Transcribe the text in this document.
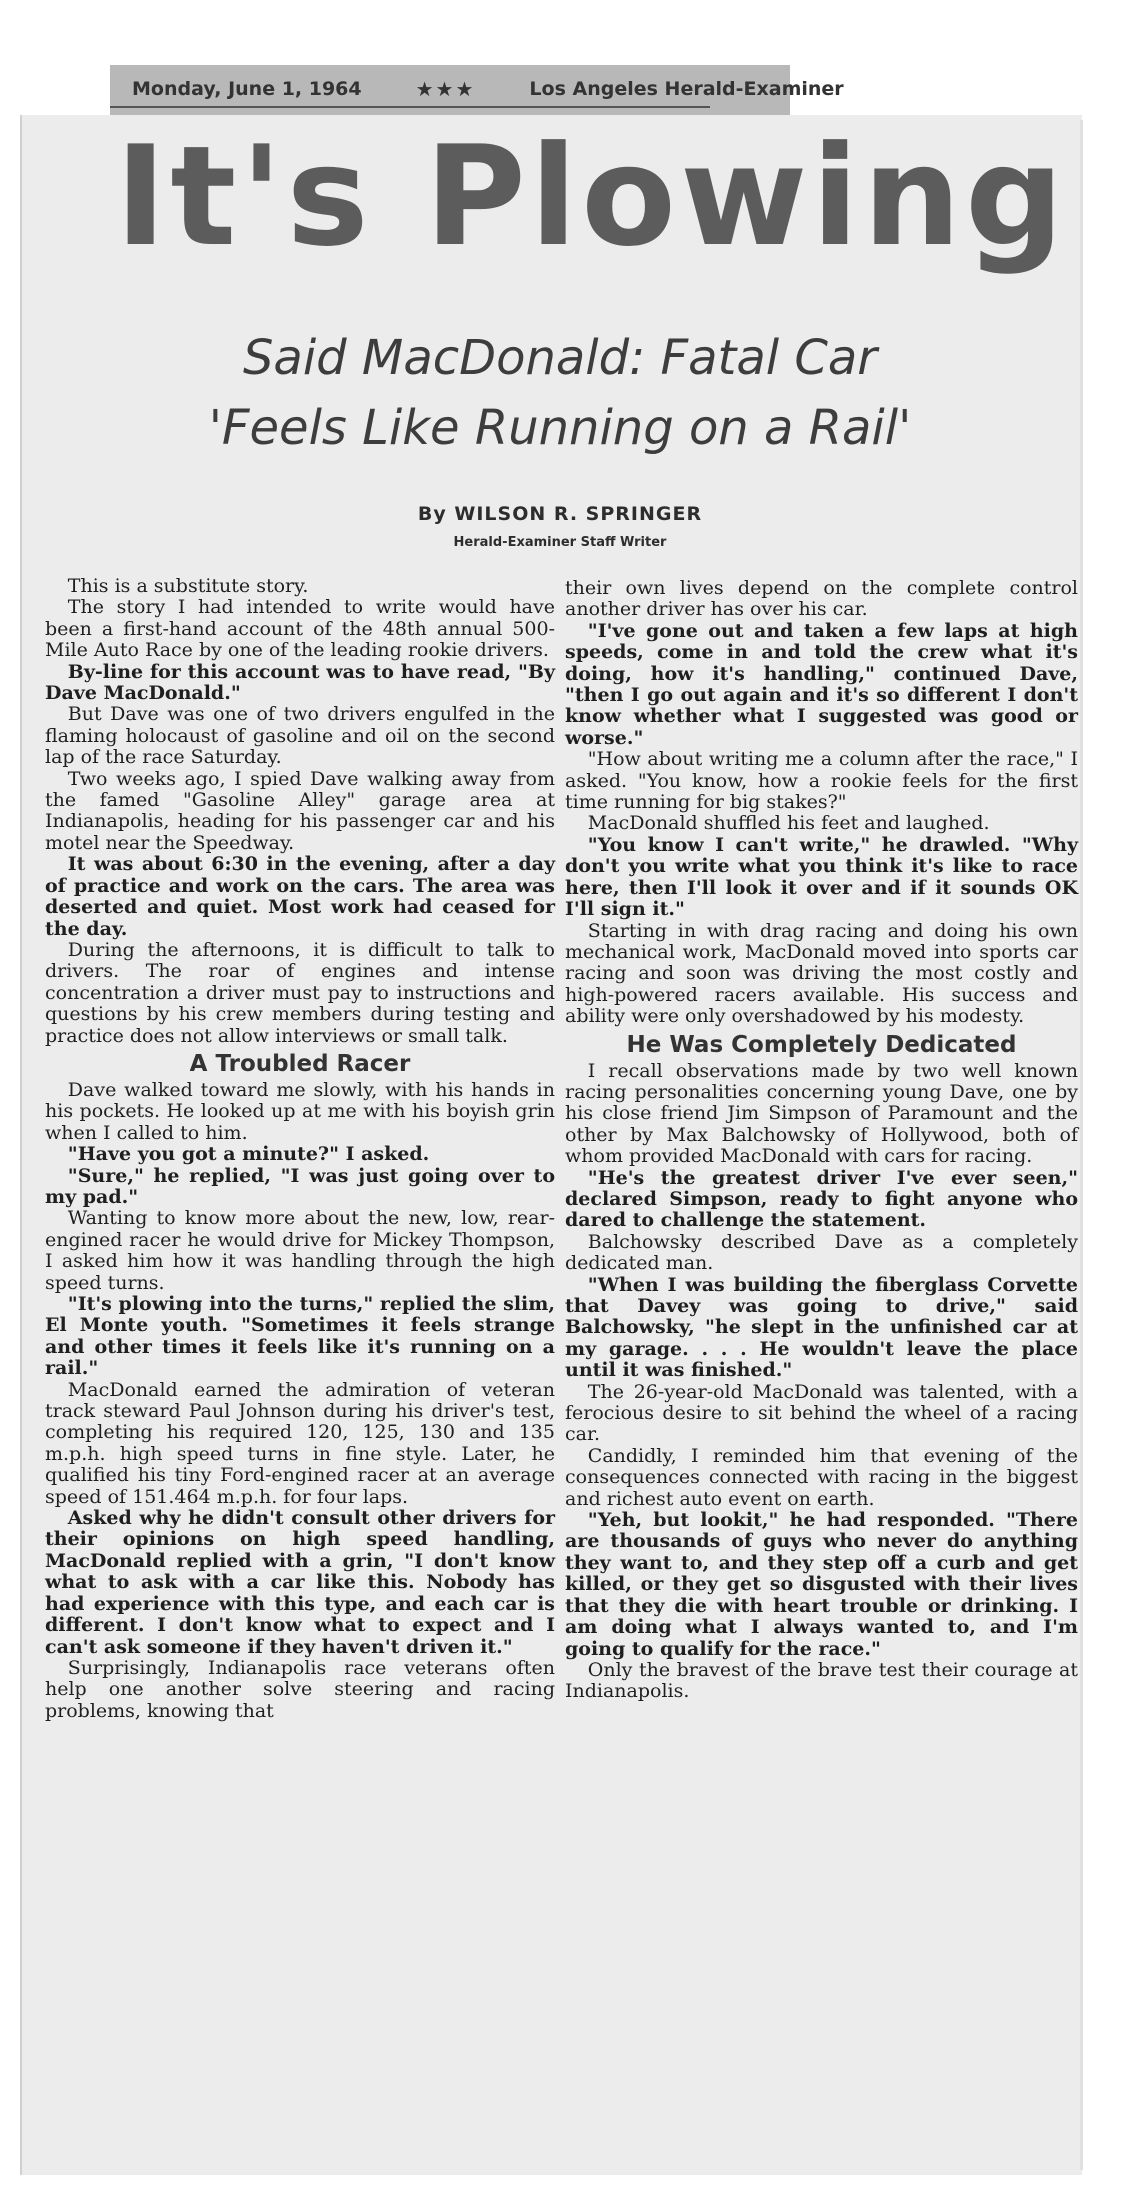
Monday, June 1, 1964	★★★	Los Angeles Herald-Examiner
It's Plowing
Said MacDonald: Fatal Car
'Feels Like Running on a Rail'
By WILSON R. SPRINGER
Herald-Examiner Staff Writer

This is a substitute story.

The story I had intended to write would have been a first-hand account of the 48th annual 500-Mile Auto Race by one of the leading rookie drivers.

By-line for this account was to have read, "By Dave MacDonald."

But Dave was one of two drivers engulfed in the flaming holocaust of gasoline and oil on the second lap of the race Saturday.

Two weeks ago, I spied Dave walking away from the famed "Gasoline Alley" garage area at Indianapolis, heading for his passenger car and his motel near the Speedway.

It was about 6:30 in the evening, after a day of practice and work on the cars. The area was deserted and quiet. Most work had ceased for the day.

During the afternoons, it is difficult to talk to drivers. The roar of engines and intense concentration a driver must pay to instructions and questions by his crew members during testing and practice does not allow interviews or small talk.

A Troubled Racer

Dave walked toward me slowly, with his hands in his pockets. He looked up at me with his boyish grin when I called to him.

"Have you got a minute?" I asked.

"Sure," he replied, "I was just going over to my pad."

Wanting to know more about the new, low, rear-engined racer he would drive for Mickey Thompson, I asked him how it was handling through the high speed turns.

"It's plowing into the turns," replied the slim, El Monte youth. "Sometimes it feels strange and other times it feels like it's running on a rail."

MacDonald earned the admiration of veteran track steward Paul Johnson during his driver's test, completing his required 120, 125, 130 and 135 m.p.h. high speed turns in fine style. Later, he qualified his tiny Ford-engined racer at an average speed of 151.464 m.p.h. for four laps.

Asked why he didn't consult other drivers for their opinions on high speed handling, MacDonald replied with a grin, "I don't know what to ask with a car like this. Nobody has had experience with this type, and each car is different. I don't know what to expect and I can't ask someone if they haven't driven it."

Surprisingly, Indianapolis race veterans often help one another solve steering and racing problems, knowing that

their own lives depend on the complete control another driver has over his car.

"I've gone out and taken a few laps at high speeds, come in and told the crew what it's doing, how it's handling," continued Dave, "then I go out again and it's so different I don't know whether what I suggested was good or worse."

"How about writing me a column after the race," I asked. "You know, how a rookie feels for the first time running for big stakes?"

MacDonald shuffled his feet and laughed.

"You know I can't write," he drawled. "Why don't you write what you think it's like to race here, then I'll look it over and if it sounds OK I'll sign it."

Starting in with drag racing and doing his own mechanical work, MacDonald moved into sports car racing and soon was driving the most costly and high-powered racers available. His success and ability were only overshadowed by his modesty.

He Was Completely Dedicated

I recall observations made by two well known racing personalities concerning young Dave, one by his close friend Jim Simpson of Paramount and the other by Max Balchowsky of Hollywood, both of whom provided MacDonald with cars for racing.

"He's the greatest driver I've ever seen," declared Simpson, ready to fight anyone who dared to challenge the statement.

Balchowsky described Dave as a completely dedicated man.

"When I was building the fiberglass Corvette that Davey was going to drive," said Balchowsky, "he slept in the unfinished car at my garage. . . . He wouldn't leave the place until it was finished."

The 26-year-old MacDonald was talented, with a ferocious desire to sit behind the wheel of a racing car.

Candidly, I reminded him that evening of the consequences connected with racing in the biggest and richest auto event on earth.

"Yeh, but lookit," he had responded. "There are thousands of guys who never do anything they want to, and they step off a curb and get killed, or they get so disgusted with their lives that they die with heart trouble or drinking. I am doing what I always wanted to, and I'm going to qualify for the race."

Only the bravest of the brave test their courage at Indianapolis.
